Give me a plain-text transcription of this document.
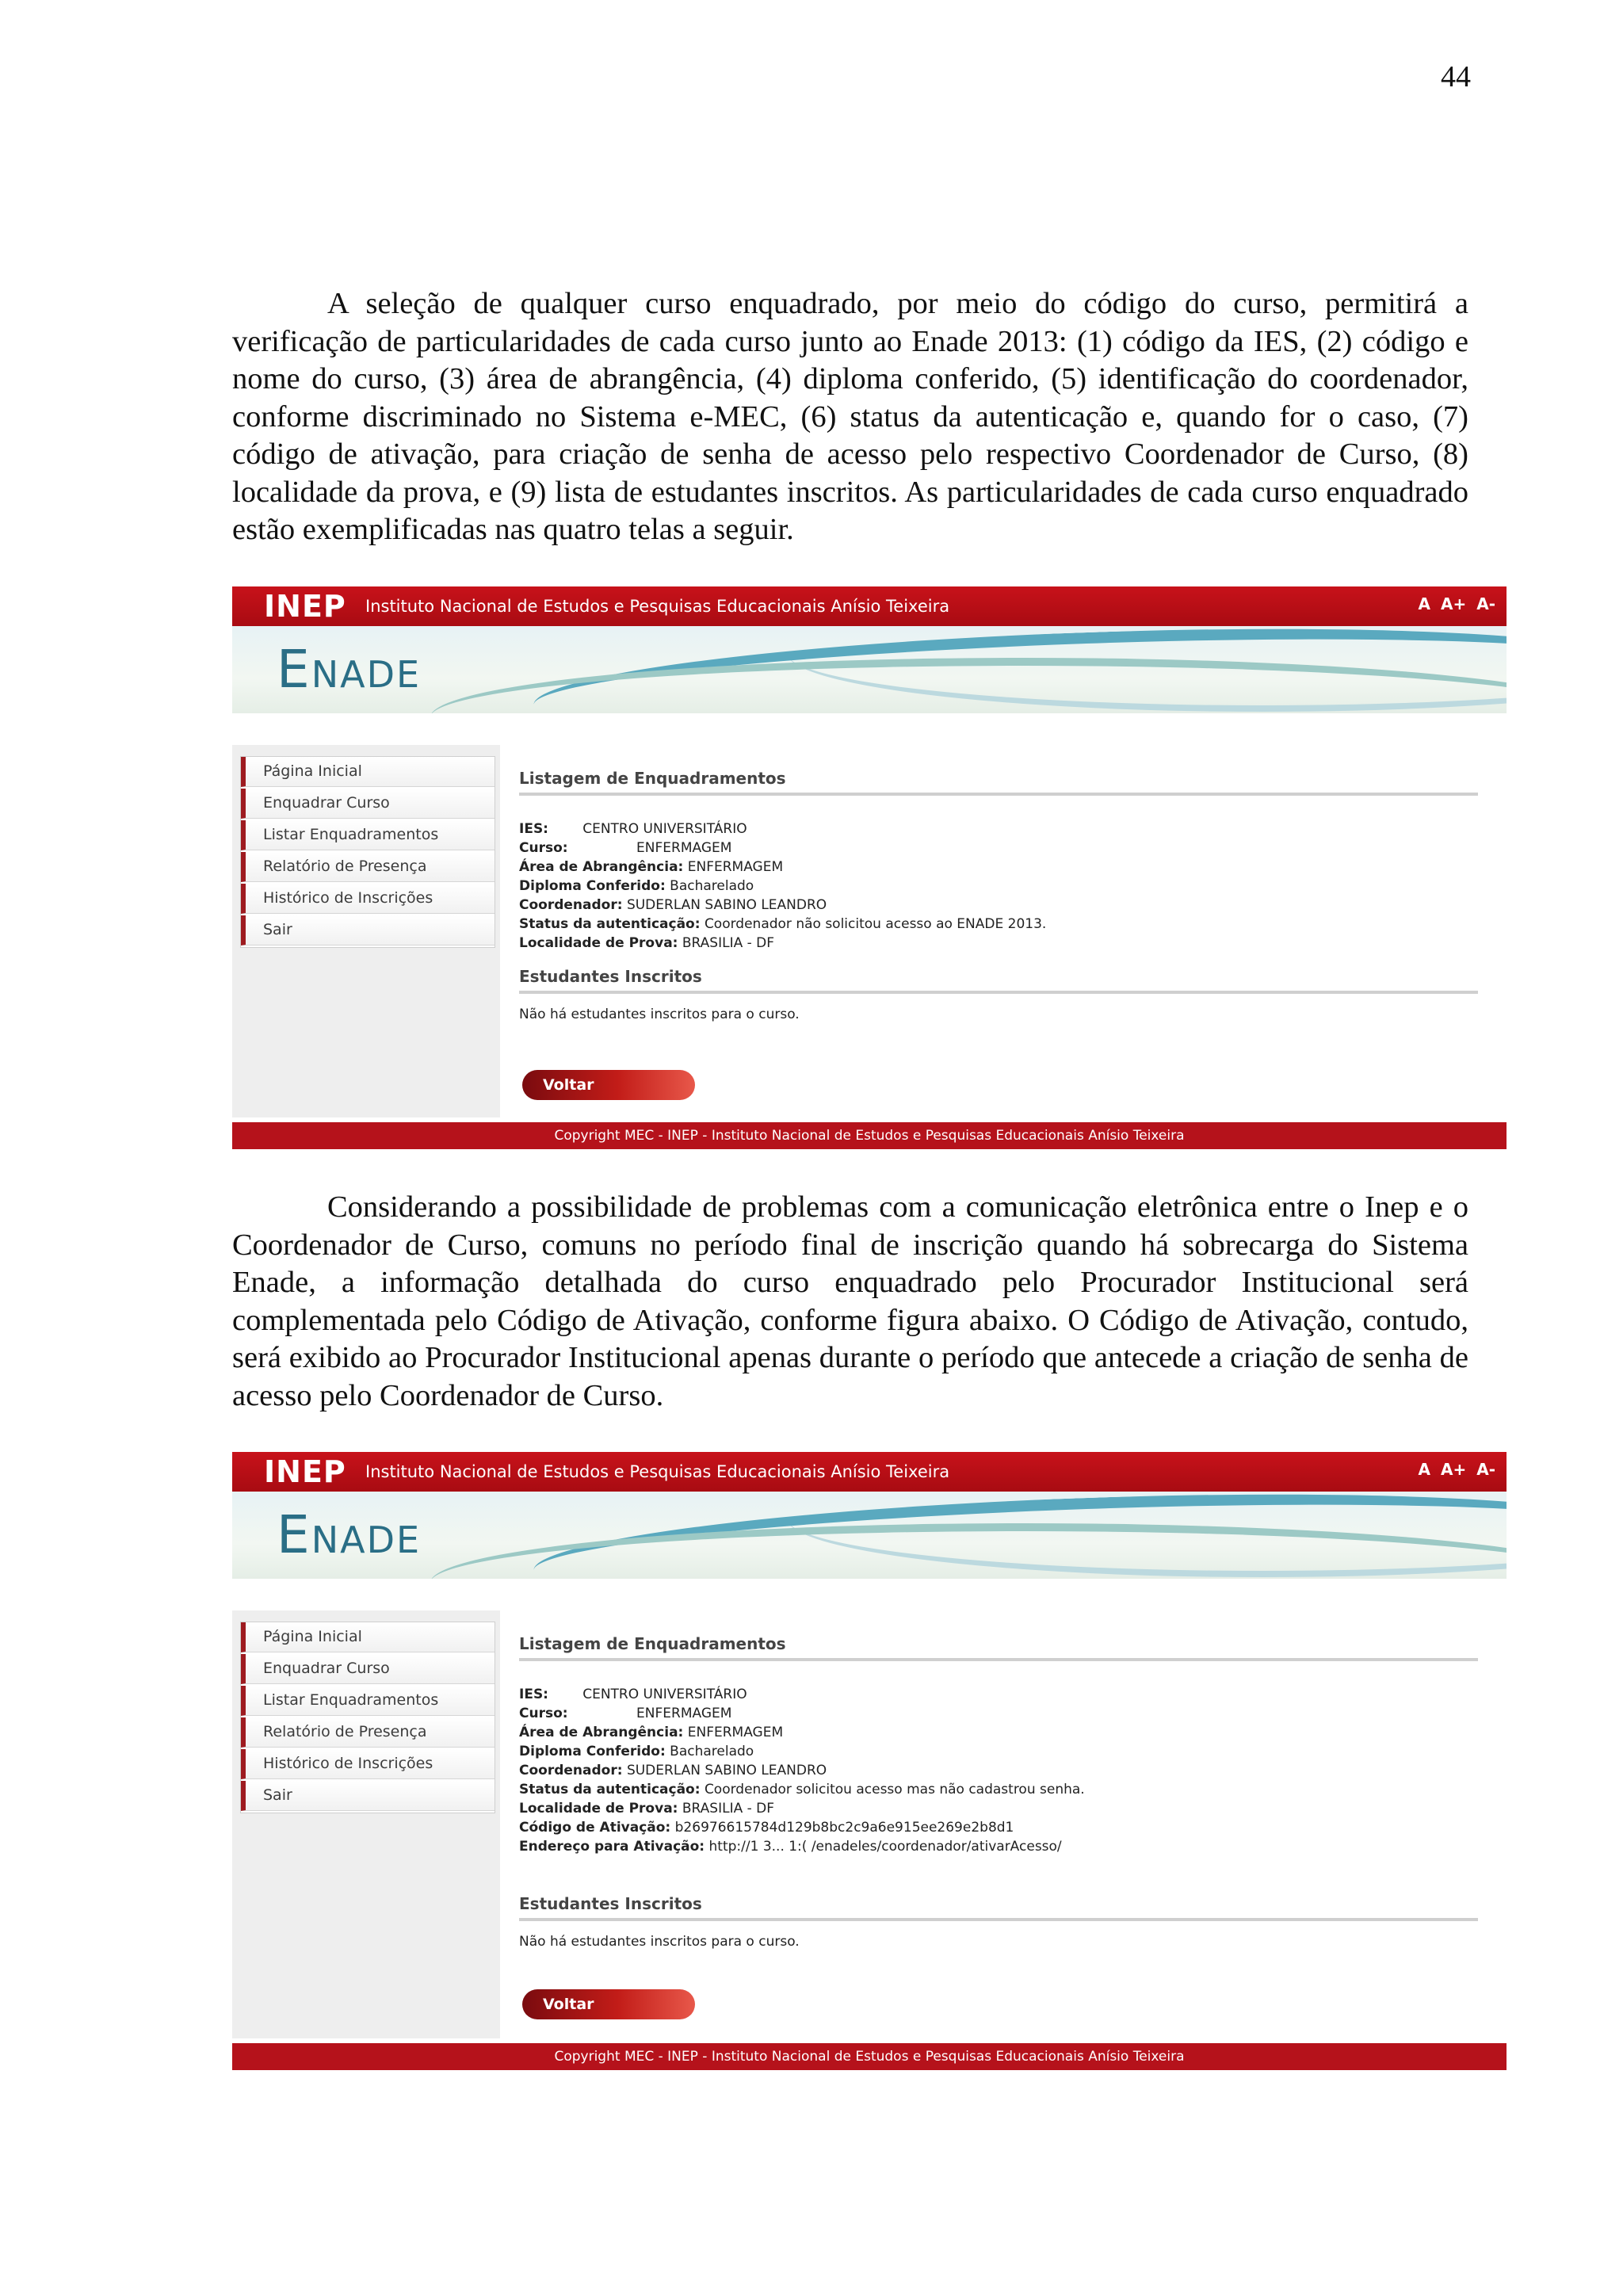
44

A seleção de qualquer curso enquadrado, por meio do código do curso, permitirá a verificação de particularidades de cada curso junto ao Enade 2013: (1) código da IES, (2) código e nome do curso, (3) área de abrangência, (4) diploma conferido, (5) identificação do coordenador, conforme discriminado no Sistema e-MEC, (6) status da autenticação e, quando for o caso, (7) código de ativação, para criação de senha de acesso pelo respectivo Coordenador de Curso, (8) localidade da prova, e (9) lista de estudantes inscritos. As particularidades de cada curso enquadrado estão exemplificadas nas quatro telas a seguir.

INEP	Instituto Nacional de Estudos e Pesquisas Educacionais Anísio Teixeira	A A+ A-
ENADE
Página Inicial
Enquadrar Curso
Listar Enquadramentos
Relatório de Presença
Histórico de Inscrições
Sair
Listagem de Enquadramentos
IES:	CENTRO UNIVERSITÁRIO
Curso:	ENFERMAGEM
Área de Abrangência: ENFERMAGEM
Diploma Conferido: Bacharelado
Coordenador: SUDERLAN SABINO LEANDRO
Status da autenticação: Coordenador não solicitou acesso ao ENADE 2013.
Localidade de Prova: BRASILIA - DF
Estudantes Inscritos
Não há estudantes inscritos para o curso.
Voltar
Copyright MEC - INEP - Instituto Nacional de Estudos e Pesquisas Educacionais Anísio Teixeira

Considerando a possibilidade de problemas com a comunicação eletrônica entre o Inep e o Coordenador de Curso, comuns no período final de inscrição quando há sobrecarga do Sistema Enade, a informação detalhada do curso enquadrado pelo Procurador Institucional será complementada pelo Código de Ativação, conforme figura abaixo. O Código de Ativação, contudo, será exibido ao Procurador Institucional apenas durante o período que antecede a criação de senha de acesso pelo Coordenador de Curso.

INEP	Instituto Nacional de Estudos e Pesquisas Educacionais Anísio Teixeira	A A+ A-
ENADE
Página Inicial
Enquadrar Curso
Listar Enquadramentos
Relatório de Presença
Histórico de Inscrições
Sair
Listagem de Enquadramentos
IES:	CENTRO UNIVERSITÁRIO
Curso:	ENFERMAGEM
Área de Abrangência: ENFERMAGEM
Diploma Conferido: Bacharelado
Coordenador: SUDERLAN SABINO LEANDRO
Status da autenticação: Coordenador solicitou acesso mas não cadastrou senha.
Localidade de Prova: BRASILIA - DF
Código de Ativação: b26976615784d129b8bc2c9a6e915ee269e2b8d1
Endereço para Ativação: http://1 3... 1:( /enadeles/coordenador/ativarAcesso/
Estudantes Inscritos
Não há estudantes inscritos para o curso.
Voltar
Copyright MEC - INEP - Instituto Nacional de Estudos e Pesquisas Educacionais Anísio Teixeira
